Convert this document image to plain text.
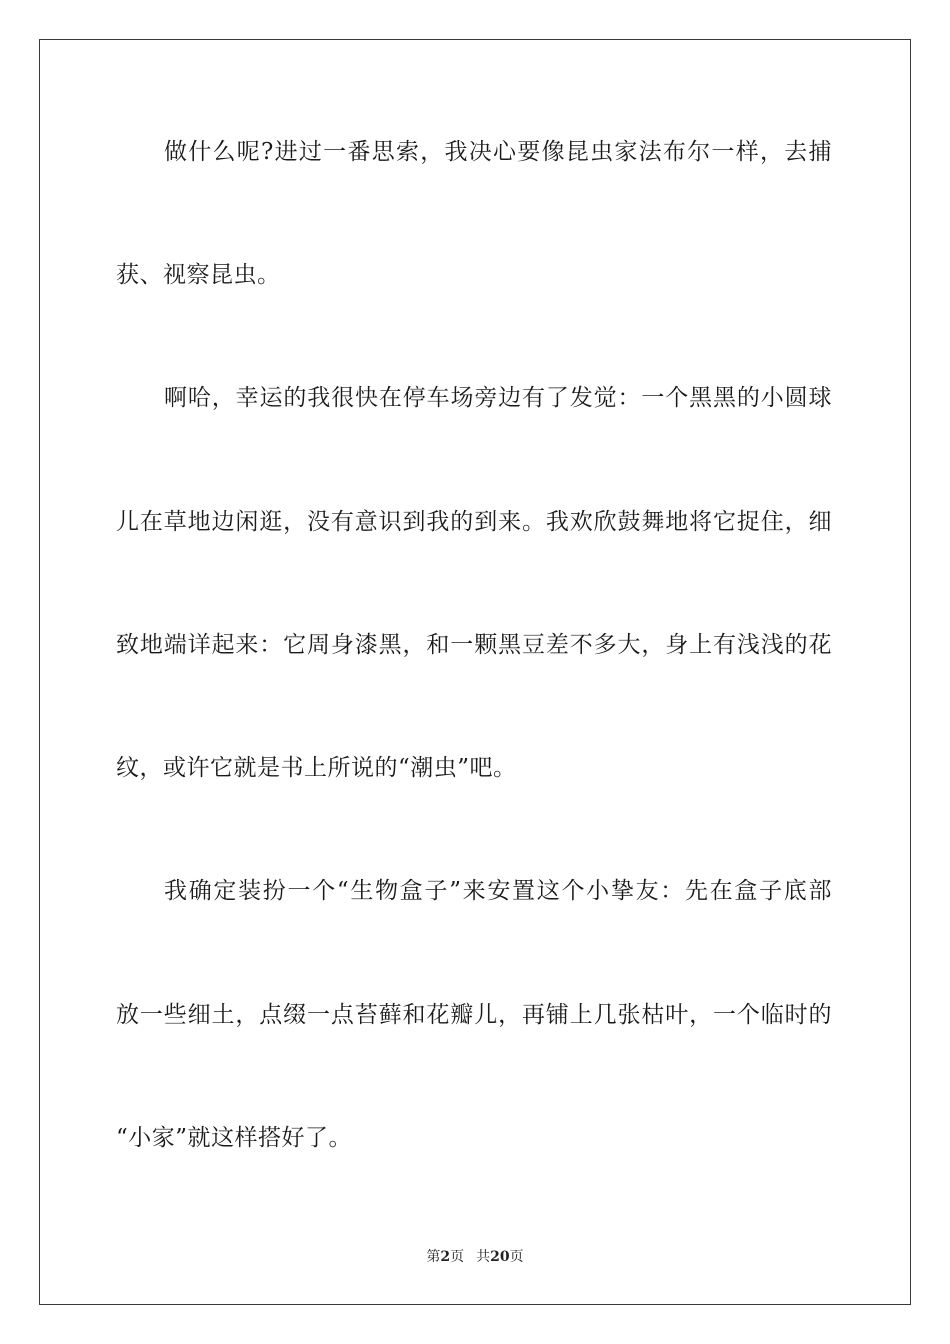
做什么呢?进过一番思索，我决心要像昆虫家法布尔一样，去捕
获、视察昆虫。
啊哈，幸运的我很快在停车场旁边有了发觉：一个黑黑的小圆球
儿在草地边闲逛，没有意识到我的到来。我欢欣鼓舞地将它捉住，细
致地端详起来：它周身漆黑，和一颗黑豆差不多大，身上有浅浅的花
纹，或许它就是书上所说的“潮虫”吧。
我确定装扮一个“生物盒子”来安置这个小挚友：先在盒子底部
放一些细土，点缀一点苔藓和花瓣儿，再铺上几张枯叶，一个临时的
“小家”就这样搭好了。
第2页 共20页
